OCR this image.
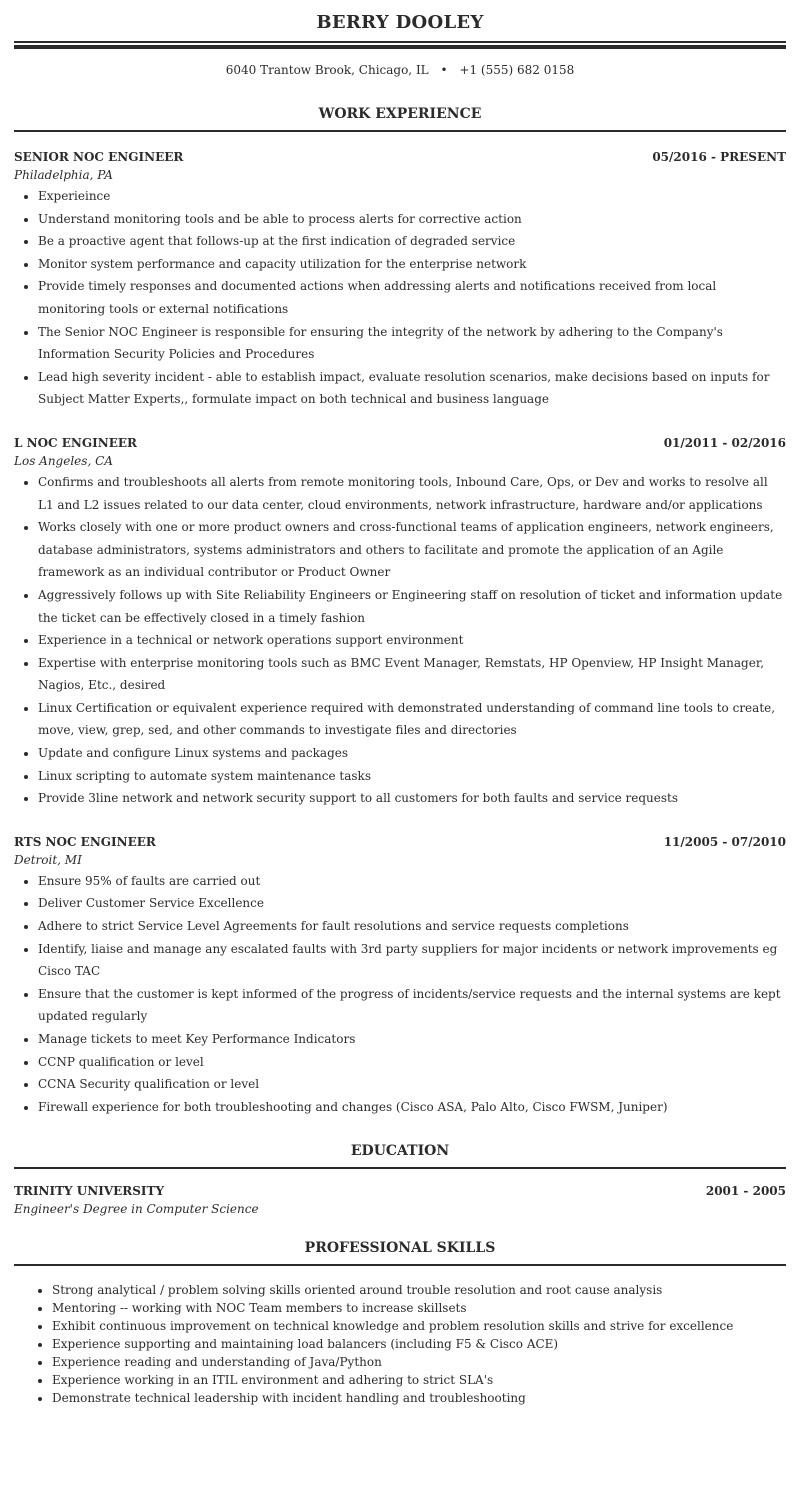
BERRY DOOLEY
6040 Trantow Brook, Chicago, IL • +1 (555) 682 0158
WORK EXPERIENCE
SENIOR NOC ENGINEER	05/2016 - PRESENT
Philadelphia, PA
• Experieince
• Understand monitoring tools and be able to process alerts for corrective action
• Be a proactive agent that follows-up at the first indication of degraded service
• Monitor system performance and capacity utilization for the enterprise network
• Provide timely responses and documented actions when addressing alerts and notifications received from local monitoring tools or external notifications
• The Senior NOC Engineer is responsible for ensuring the integrity of the network by adhering to the Company's Information Security Policies and Procedures
• Lead high severity incident - able to establish impact, evaluate resolution scenarios, make decisions based on inputs for Subject Matter Experts,, formulate impact on both technical and business language
L NOC ENGINEER	01/2011 - 02/2016
Los Angeles, CA
• Confirms and troubleshoots all alerts from remote monitoring tools, Inbound Care, Ops, or Dev and works to resolve all L1 and L2 issues related to our data center, cloud environments, network infrastructure, hardware and/or applications
• Works closely with one or more product owners and cross-functional teams of application engineers, network engineers, database administrators, systems administrators and others to facilitate and promote the application of an Agile framework as an individual contributor or Product Owner
• Aggressively follows up with Site Reliability Engineers or Engineering staff on resolution of ticket and information update the ticket can be effectively closed in a timely fashion
• Experience in a technical or network operations support environment
• Expertise with enterprise monitoring tools such as BMC Event Manager, Remstats, HP Openview, HP Insight Manager, Nagios, Etc., desired
• Linux Certification or equivalent experience required with demonstrated understanding of command line tools to create, move, view, grep, sed, and other commands to investigate files and directories
• Update and configure Linux systems and packages
• Linux scripting to automate system maintenance tasks
• Provide 3line network and network security support to all customers for both faults and service requests
RTS NOC ENGINEER	11/2005 - 07/2010
Detroit, MI
• Ensure 95% of faults are carried out
• Deliver Customer Service Excellence
• Adhere to strict Service Level Agreements for fault resolutions and service requests completions
• Identify, liaise and manage any escalated faults with 3rd party suppliers for major incidents or network improvements eg Cisco TAC
• Ensure that the customer is kept informed of the progress of incidents/service requests and the internal systems are kept updated regularly
• Manage tickets to meet Key Performance Indicators
• CCNP qualification or level
• CCNA Security qualification or level
• Firewall experience for both troubleshooting and changes (Cisco ASA, Palo Alto, Cisco FWSM, Juniper)
EDUCATION
TRINITY UNIVERSITY	2001 - 2005
Engineer's Degree in Computer Science
PROFESSIONAL SKILLS
• Strong analytical / problem solving skills oriented around trouble resolution and root cause analysis
• Mentoring -- working with NOC Team members to increase skillsets
• Exhibit continuous improvement on technical knowledge and problem resolution skills and strive for excellence
• Experience supporting and maintaining load balancers (including F5 & Cisco ACE)
• Experience reading and understanding of Java/Python
• Experience working in an ITIL environment and adhering to strict SLA's
• Demonstrate technical leadership with incident handling and troubleshooting
